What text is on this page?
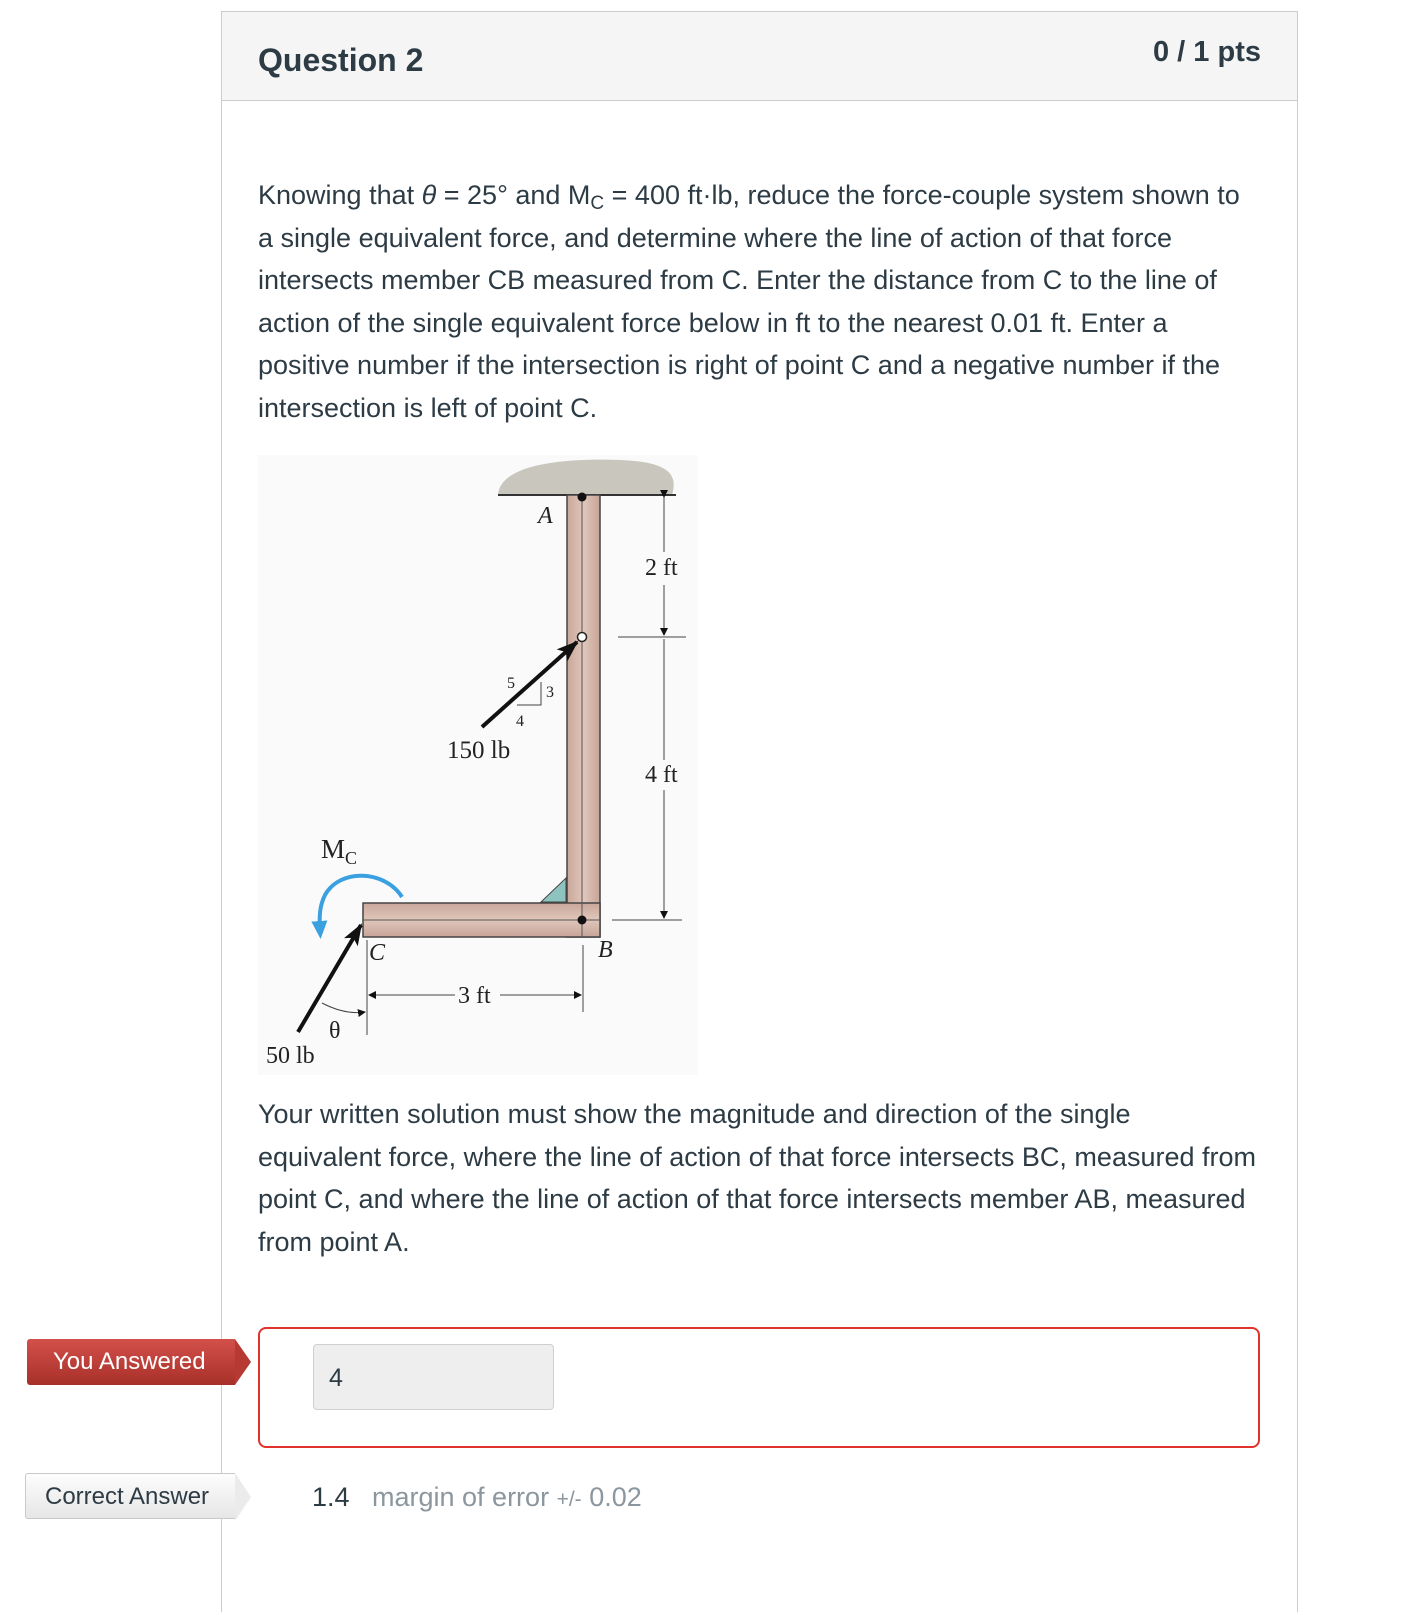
Question 2	0 / 1 pts

Knowing that θ = 25° and $M_C = 400$ ft·lb, reduce the force-couple system shown to a single equivalent force, and determine where the line of action of that force intersects member CB measured from C. Enter the distance from C to the line of action of the single equivalent force below in ft to the nearest 0.01 ft. Enter a positive number if the intersection is right of point C and a negative number if the intersection is left of point C.

A
B
C
5
3
4
150 lb
2 ft
4 ft
3 ft
θ
50 lb
$M_C$

Your written solution must show the magnitude and direction of the single equivalent force, where the line of action of that force intersects BC, measured from point C, and where the line of action of that force intersects member AB, measured from point A.

You Answered
4
Correct Answer	1.4 margin of error +/- 0.02
